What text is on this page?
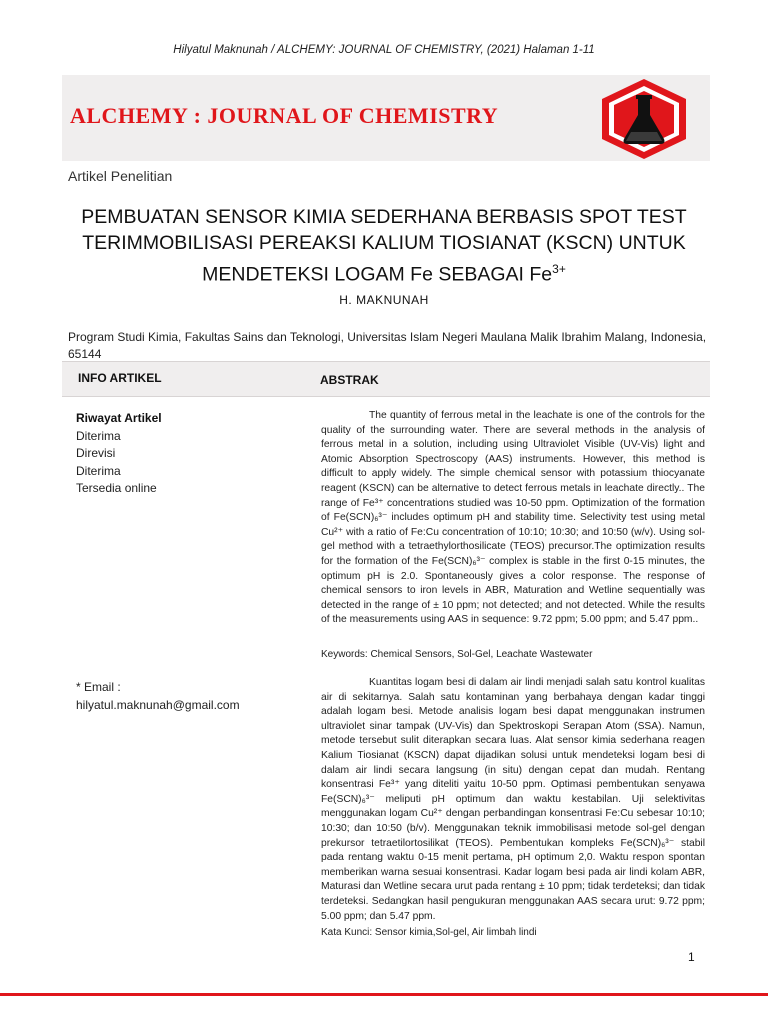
Hilyatul Maknunah / ALCHEMY: JOURNAL OF CHEMISTRY, (2021) Halaman 1-11
ALCHEMY : JOURNAL OF CHEMISTRY
Artikel Penelitian
PEMBUATAN SENSOR KIMIA SEDERHANA BERBASIS SPOT TEST
TERIMMOBILISASI PEREAKSI KALIUM TIOSIANAT (KSCN) UNTUK
MENDETEKSI LOGAM Fe SEBAGAI $Fe^{3+}$
H. MAKNUNAH
Program Studi Kimia, Fakultas Sains dan Teknologi, Universitas Islam Negeri Maulana Malik Ibrahim Malang, Indonesia, 65144
INFO ARTIKEL	ABSTRAK
Riwayat Artikel
Diterima
Direvisi
Diterima
Tersedia online
* Email :
hilyatul.maknunah@gmail.com

The quantity of ferrous metal in the leachate is one of the controls for the quality of the surrounding water. There are several methods in the analysis of ferrous metal in a solution, including using Ultraviolet Visible (UV-Vis) light and Atomic Absorption Spectroscopy (AAS) instruments. However, this method is difficult to apply widely. The simple chemical sensor with potassium thiocyanate reagent (KSCN) can be alternative to detect ferrous metals in leachate directly.. The range of Fe³⁺ concentrations studied was 10-50 ppm. Optimization of the formation of Fe(SCN)₆³⁻ includes optimum pH and stability time. Selectivity test using metal Cu²⁺ with a ratio of Fe:Cu concentration of 10:10; 10:30; and 10:50 (w/v). Using sol-gel method with a tetraethylorthosilicate (TEOS) precursor.The optimization results for the formation of the Fe(SCN)₆³⁻ complex is stable in the first 0-15 minutes, the optimum pH is 2.0. Spontaneously gives a color response. The response of chemical sensors to iron levels in ABR, Maturation and Wetline sequentially was detected in the range of ± 10 ppm; not detected; and not detected. While the results of the measurements using AAS in sequence: 9.72 ppm; 5.00 ppm; and 5.47 ppm..

Keywords: Chemical Sensors, Sol-Gel, Leachate Wastewater

Kuantitas logam besi di dalam air lindi menjadi salah satu kontrol kualitas air di sekitarnya. Salah satu kontaminan yang berbahaya dengan kadar tinggi adalah logam besi. Metode analisis logam besi dapat menggunakan instrumen ultraviolet sinar tampak (UV-Vis) dan Spektroskopi Serapan Atom (SSA). Namun, metode tersebut sulit diterapkan secara luas. Alat sensor kimia sederhana reagen Kalium Tiosianat (KSCN) dapat dijadikan solusi untuk mendeteksi logam besi di dalam air lindi secara langsung (in situ) dengan cepat dan mudah. Rentang konsentrasi Fe³⁺ yang diteliti yaitu 10-50 ppm. Optimasi pembentukan senyawa Fe(SCN)₆³⁻ meliputi pH optimum dan waktu kestabilan. Uji selektivitas menggunakan logam Cu²⁺ dengan perbandingan konsentrasi Fe:Cu sebesar 10:10; 10:30; dan 10:50 (b/v). Menggunakan teknik immobilisasi metode sol-gel dengan prekursor tetraetilortosilikat (TEOS). Pembentukan kompleks Fe(SCN)₆³⁻ stabil pada rentang waktu 0-15 menit pertama, pH optimum 2,0. Waktu respon spontan memberikan warna sesuai konsentrasi. Kadar logam besi pada air lindi kolam ABR, Maturasi dan Wetline secara urut pada rentang ± 10 ppm; tidak terdeteksi; dan tidak terdeteksi. Sedangkan hasil pengukuran menggunakan AAS secara urut: 9.72 ppm; 5.00 ppm; dan 5.47 ppm.

Kata Kunci: Sensor kimia,Sol-gel, Air limbah lindi
1
